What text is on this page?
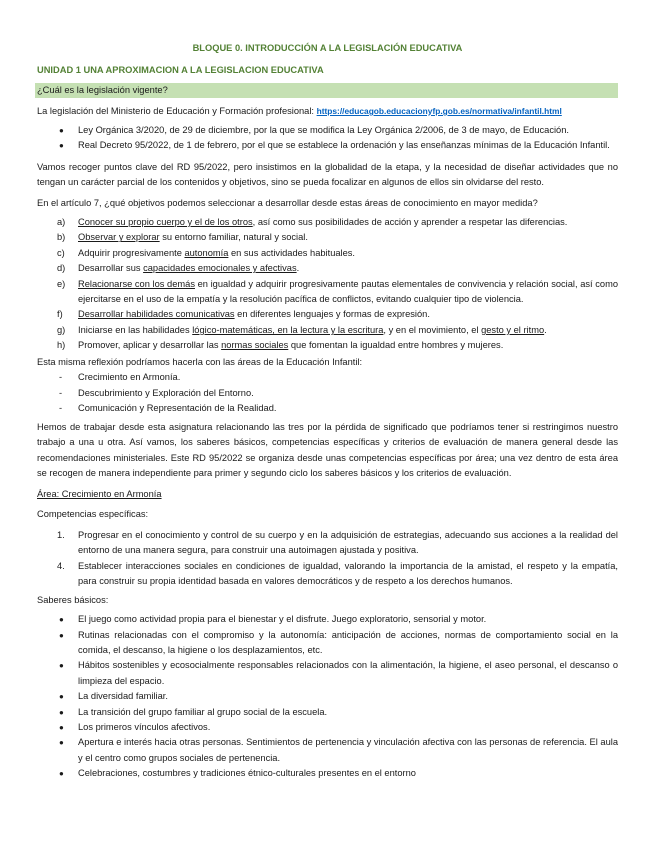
BLOQUE 0. INTRODUCCIÓN A LA LEGISLACIÓN EDUCATIVA
UNIDAD 1 UNA APROXIMACION A LA LEGISLACION EDUCATIVA
¿Cuál es la legislación vigente?
La legislación del Ministerio de Educación y Formación profesional: https://educagob.educacionyfp.gob.es/normativa/infantil.html
● Ley Orgánica 3/2020, de 29 de diciembre, por la que se modifica la Ley Orgánica 2/2006, de 3 de mayo, de Educación.
● Real Decreto 95/2022, de 1 de febrero, por el que se establece la ordenación y las enseñanzas mínimas de la Educación Infantil.
Vamos recoger puntos clave del RD 95/2022, pero insistimos en la globalidad de la etapa, y la necesidad de diseñar actividades que no tengan un carácter parcial de los contenidos y objetivos, sino se pueda focalizar en algunos de ellos sin olvidarse del resto.
En el artículo 7, ¿qué objetivos podemos seleccionar a desarrollar desde estas áreas de conocimiento en mayor medida?
a) Conocer su propio cuerpo y el de los otros, así como sus posibilidades de acción y aprender a respetar las diferencias.
b) Observar y explorar su entorno familiar, natural y social.
c) Adquirir progresivamente autonomía en sus actividades habituales.
d) Desarrollar sus capacidades emocionales y afectivas.
e) Relacionarse con los demás en igualdad y adquirir progresivamente pautas elementales de convivencia y relación social, así como ejercitarse en el uso de la empatía y la resolución pacífica de conflictos, evitando cualquier tipo de violencia.
f) Desarrollar habilidades comunicativas en diferentes lenguajes y formas de expresión.
g) Iniciarse en las habilidades lógico-matemáticas, en la lectura y la escritura, y en el movimiento, el gesto y el ritmo.
h) Promover, aplicar y desarrollar las normas sociales que fomentan la igualdad entre hombres y mujeres.
Esta misma reflexión podríamos hacerla con las áreas de la Educación Infantil:
- Crecimiento en Armonía.
- Descubrimiento y Exploración del Entorno.
- Comunicación y Representación de la Realidad.
Hemos de trabajar desde esta asignatura relacionando las tres por la pérdida de significado que podríamos tener si restringimos nuestro trabajo a una u otra. Así vamos, los saberes básicos, competencias específicas y criterios de evaluación de manera general desde las recomendaciones ministeriales. Este RD 95/2022 se organiza desde unas competencias específicas por área; una vez dentro de esta área se recogen de manera independiente para primer y segundo ciclo los saberes básicos y los criterios de evaluación.
Área: Crecimiento en Armonía
Competencias específicas:
1. Progresar en el conocimiento y control de su cuerpo y en la adquisición de estrategias, adecuando sus acciones a la realidad del entorno de una manera segura, para construir una autoimagen ajustada y positiva.
4. Establecer interacciones sociales en condiciones de igualdad, valorando la importancia de la amistad, el respeto y la empatía, para construir su propia identidad basada en valores democráticos y de respeto a los derechos humanos.
Saberes básicos:
● El juego como actividad propia para el bienestar y el disfrute. Juego exploratorio, sensorial y motor.
● Rutinas relacionadas con el compromiso y la autonomía: anticipación de acciones, normas de comportamiento social en la comida, el descanso, la higiene o los desplazamientos, etc.
● Hábitos sostenibles y ecosocialmente responsables relacionados con la alimentación, la higiene, el aseo personal, el descanso o limpieza del espacio.
● La diversidad familiar.
● La transición del grupo familiar al grupo social de la escuela.
● Los primeros vínculos afectivos.
● Apertura e interés hacia otras personas. Sentimientos de pertenencia y vinculación afectiva con las personas de referencia. El aula y el centro como grupos sociales de pertenencia.
● Celebraciones, costumbres y tradiciones étnico-culturales presentes en el entorno
